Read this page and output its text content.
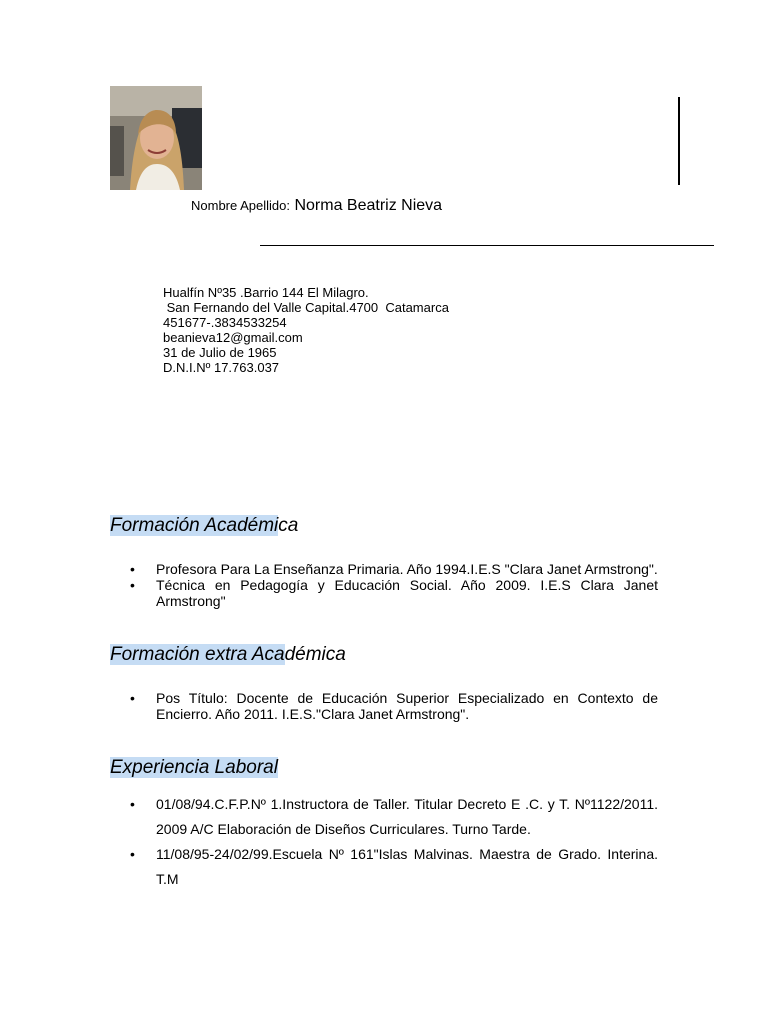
Nombre Apellido: Norma Beatriz Nieva
Hualfín Nº35 .Barrio 144 El Milagro.
San Fernando del Valle Capital.4700  Catamarca
451677-.3834533254
beanieva12@gmail.com
31 de Julio de 1965
D.N.I.Nº 17.763.037
Formación Académica
• Profesora Para La Enseñanza Primaria. Año 1994.I.E.S "Clara Janet Armstrong".
• Técnica en Pedagogía y Educación Social. Año 2009. I.E.S Clara Janet Armstrong"
Formación extra Académica
• Pos Título: Docente de Educación Superior Especializado en Contexto de Encierro. Año 2011. I.E.S."Clara Janet Armstrong".
Experiencia Laboral
• 01/08/94.C.F.P.Nº 1.Instructora de Taller. Titular Decreto E .C. y T. Nº1122/2011. 2009 A/C Elaboración de Diseños Curriculares. Turno Tarde.
• 11/08/95-24/02/99.Escuela Nº 161"Islas Malvinas. Maestra de Grado. Interina. T.M
